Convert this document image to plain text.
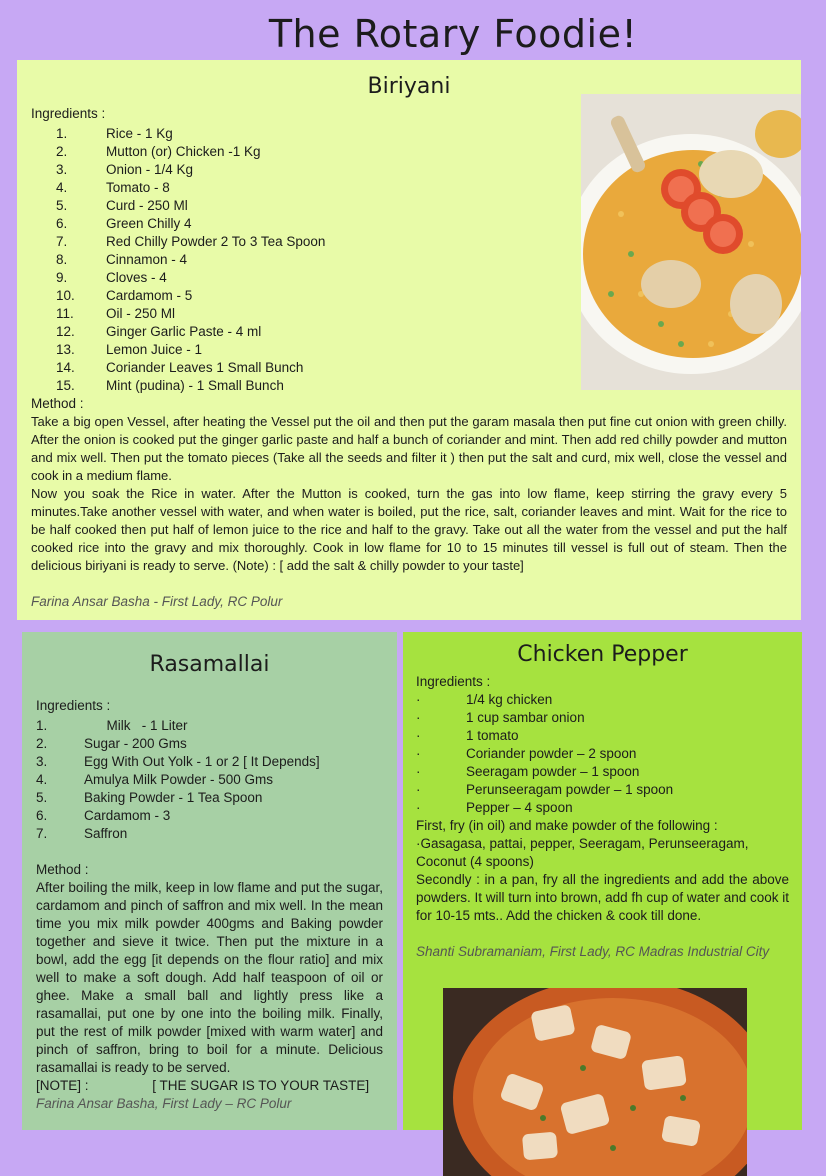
The Rotary Foodie!
Biriyani
Ingredients :
1.	Rice - 1 Kg
2.	Mutton (or) Chicken -1 Kg
3.	Onion - 1/4 Kg
4.	Tomato - 8
5.	Curd - 250 Ml
6.	Green Chilly 4
7.	Red Chilly Powder 2 To 3 Tea Spoon
8.	Cinnamon - 4
9.	Cloves - 4
10.	Cardamom - 5
11.	Oil - 250 Ml
12.	Ginger Garlic Paste - 4 ml
13.	Lemon Juice - 1
14.	Coriander Leaves 1 Small Bunch
15.	Mint (pudina) - 1 Small Bunch
Method :

Take a big open Vessel, after heating the Vessel put the oil and then put the garam masala then put fine cut onion with green chilly. After the onion is cooked put the ginger garlic paste and half a bunch of coriander and mint. Then add red chilly powder and mutton and mix well. Then put the tomato pieces (Take all the seeds and filter it ) then put the salt and curd, mix well, close the vessel and cook in a medium flame.

Now you soak the Rice in water. After the Mutton is cooked, turn the gas into low flame, keep stirring the gravy every 5 minutes.Take another vessel with water, and when water is boiled, put the rice, salt, coriander leaves and mint. Wait for the rice to be half cooked then put half of lemon juice to the rice and half to the gravy. Take out all the water from the vessel and put the half cooked rice into the gravy and mix thoroughly. Cook in low flame for 10 to 15 minutes till vessel is full out of steam. Then the delicious biriyani is ready to serve. (Note) : [ add the salt & chilly powder to your taste]

Farina Ansar Basha - First Lady, RC Polur
Rasamallai
Ingredients :
1.	Milk   - 1 Liter
2.	Sugar - 200 Gms
3.	Egg With Out Yolk - 1 or 2 [ It Depends]
4.	Amulya Milk Powder - 500 Gms
5.	Baking Powder - 1 Tea Spoon
6.	Cardamom - 3
7.	Saffron
Method :

After boiling the milk, keep in low flame and put the sugar, cardamom and pinch of saffron and mix well. In the mean time you mix milk powder 400gms and Baking powder together and sieve it twice. Then put the mixture in a bowl, add the egg [it depends on the flour ratio] and mix well to make a soft dough. Add half teaspoon of oil or ghee. Make a small ball and lightly press like a rasamallai, put one by one into the boiling milk. Finally, put the rest of milk powder [mixed with warm water] and pinch of saffron, bring to boil for a minute. Delicious rasamallai is ready to be served.

[NOTE] :                 [ THE SUGAR IS TO YOUR TASTE]
Farina Ansar Basha, First Lady – RC Polur
Chicken Pepper
Ingredients :
·	1/4 kg chicken
·	1 cup sambar onion
·	1 tomato
·	Coriander powder – 2 spoon
·	Seeragam powder – 1 spoon
·	Perunseeragam powder – 1 spoon
·	Pepper – 4 spoon
First, fry (in oil) and make powder of the following :
·Gasagasa, pattai, pepper, Seeragam, Perunseeragam, Coconut (4 spoons)

Secondly : in a pan, fry all the ingredients and add the above powders. It will turn into brown, add fh cup of water and cook it for 10-15 mts.. Add the chicken & cook till done.

Shanti Subramaniam, First Lady, RC Madras Industrial City
